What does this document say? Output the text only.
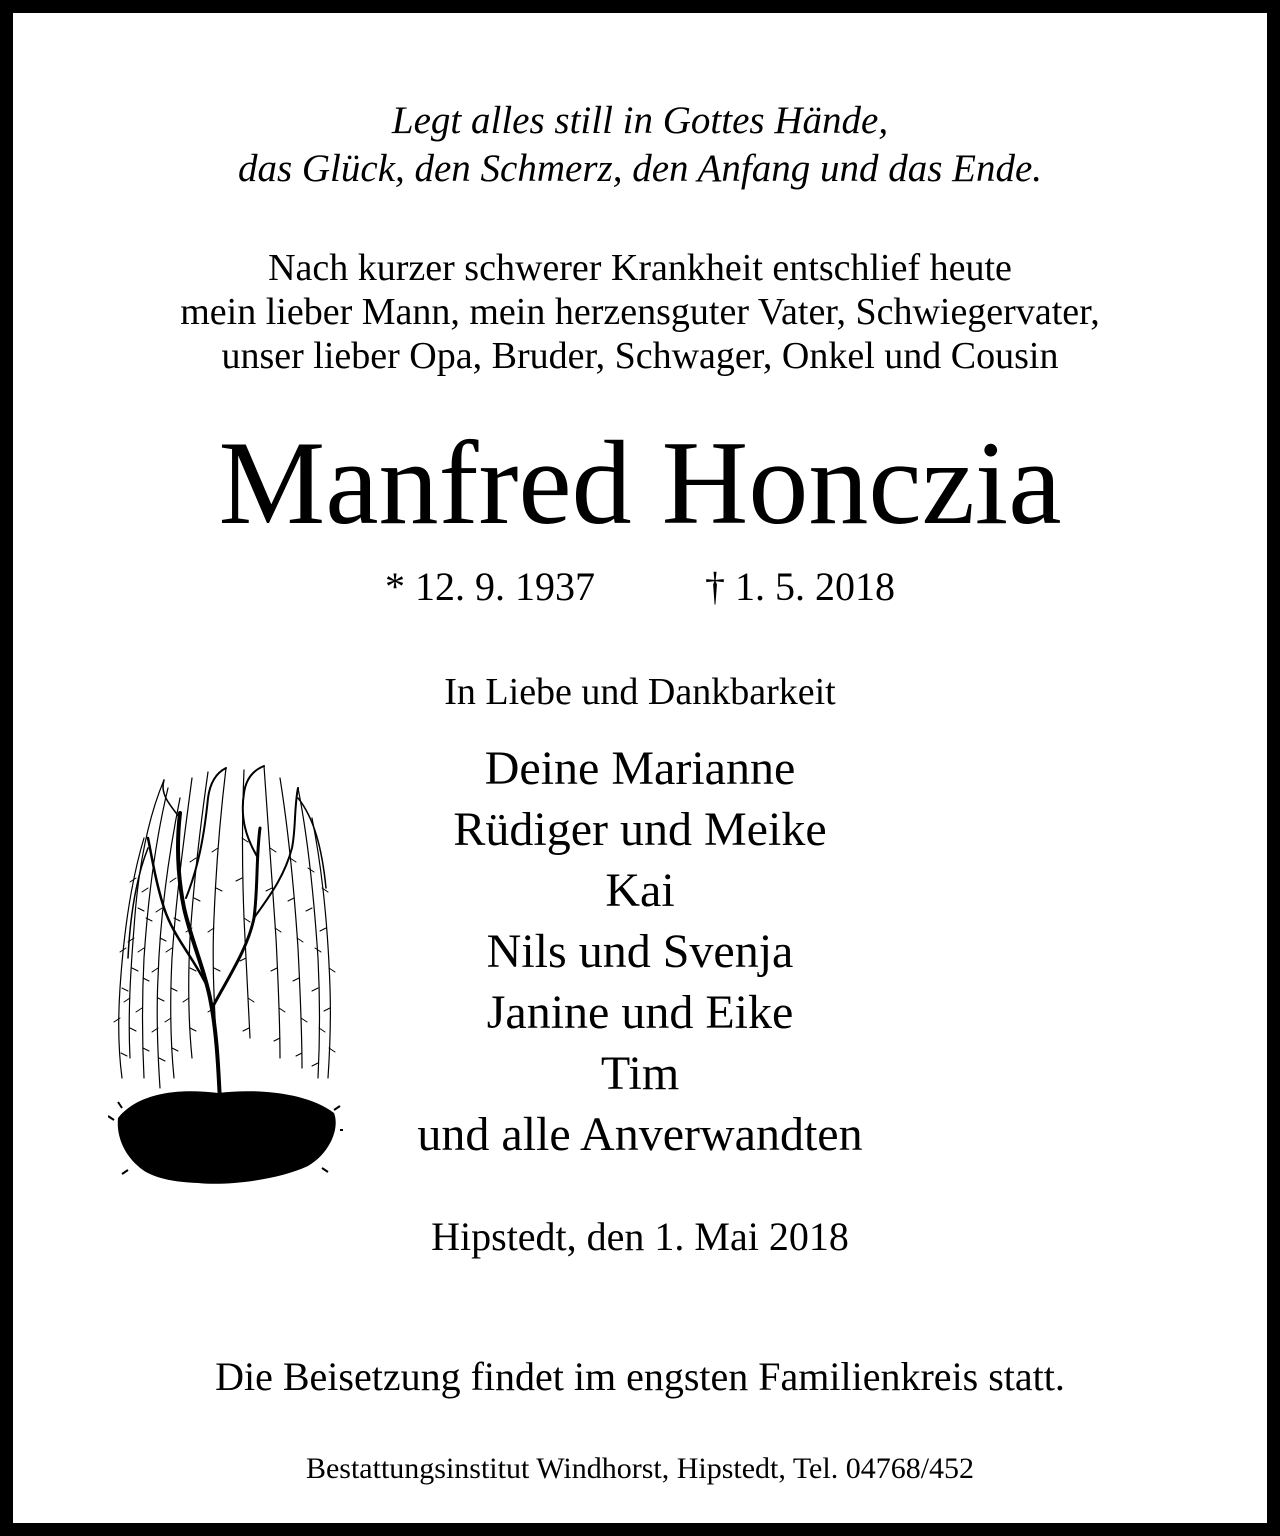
Legt alles still in Gottes Hände,
das Glück, den Schmerz, den Anfang und das Ende.
Nach kurzer schwerer Krankheit entschlief heute
mein lieber Mann, mein herzensguter Vater, Schwiegervater,
unser lieber Opa, Bruder, Schwager, Onkel und Cousin
Manfred Honczia
* 12. 9. 1937	† 1. 5. 2018
In Liebe und Dankbarkeit
Deine Marianne
Rüdiger und Meike
Kai
Nils und Svenja
Janine und Eike
Tim
und alle Anverwandten
Hipstedt, den 1. Mai 2018
Die Beisetzung findet im engsten Familienkreis statt.
Bestattungsinstitut Windhorst, Hipstedt, Tel. 04768/452
